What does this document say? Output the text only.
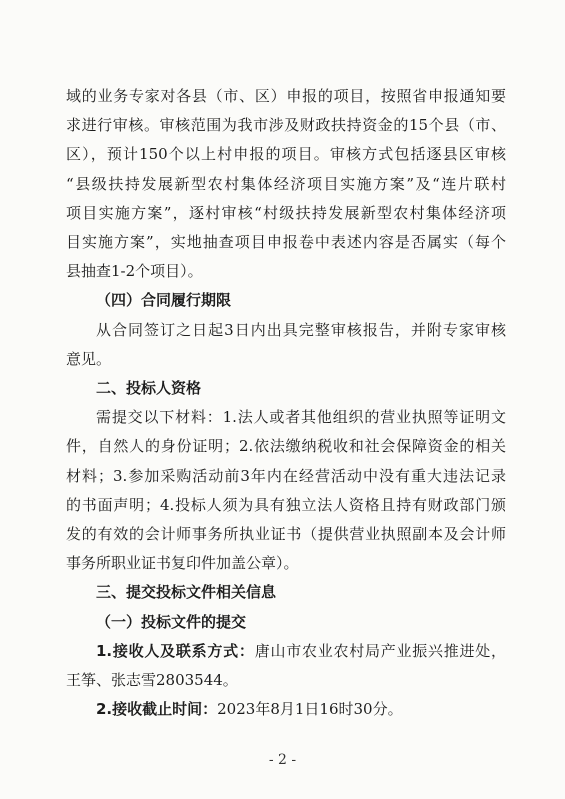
域的业务专家对各县（市、区）申报的项目，按照省申报通知要
求进行审核。审核范围为我市涉及财政扶持资金的15个县（市、
区），预计150个以上村申报的项目。审核方式包括逐县区审核
“县级扶持发展新型农村集体经济项目实施方案”及“连片联村
项目实施方案”，逐村审核“村级扶持发展新型农村集体经济项
目实施方案”，实地抽查项目申报卷中表述内容是否属实（每个
县抽查1-2个项目）。
（四）合同履行期限
从合同签订之日起3日内出具完整审核报告，并附专家审核
意见。
二、投标人资格
需提交以下材料：1.法人或者其他组织的营业执照等证明文
件，自然人的身份证明；2.依法缴纳税收和社会保障资金的相关
材料；3.参加采购活动前3年内在经营活动中没有重大违法记录
的书面声明；4.投标人须为具有独立法人资格且持有财政部门颁
发的有效的会计师事务所执业证书（提供营业执照副本及会计师
事务所职业证书复印件加盖公章）。
三、提交投标文件相关信息
（一）投标文件的提交
1.接收人及联系方式：唐山市农业农村局产业振兴推进处，
王筝、张志雪2803544。
2.接收截止时间：2023年8月1日16时30分。
- 2 -
